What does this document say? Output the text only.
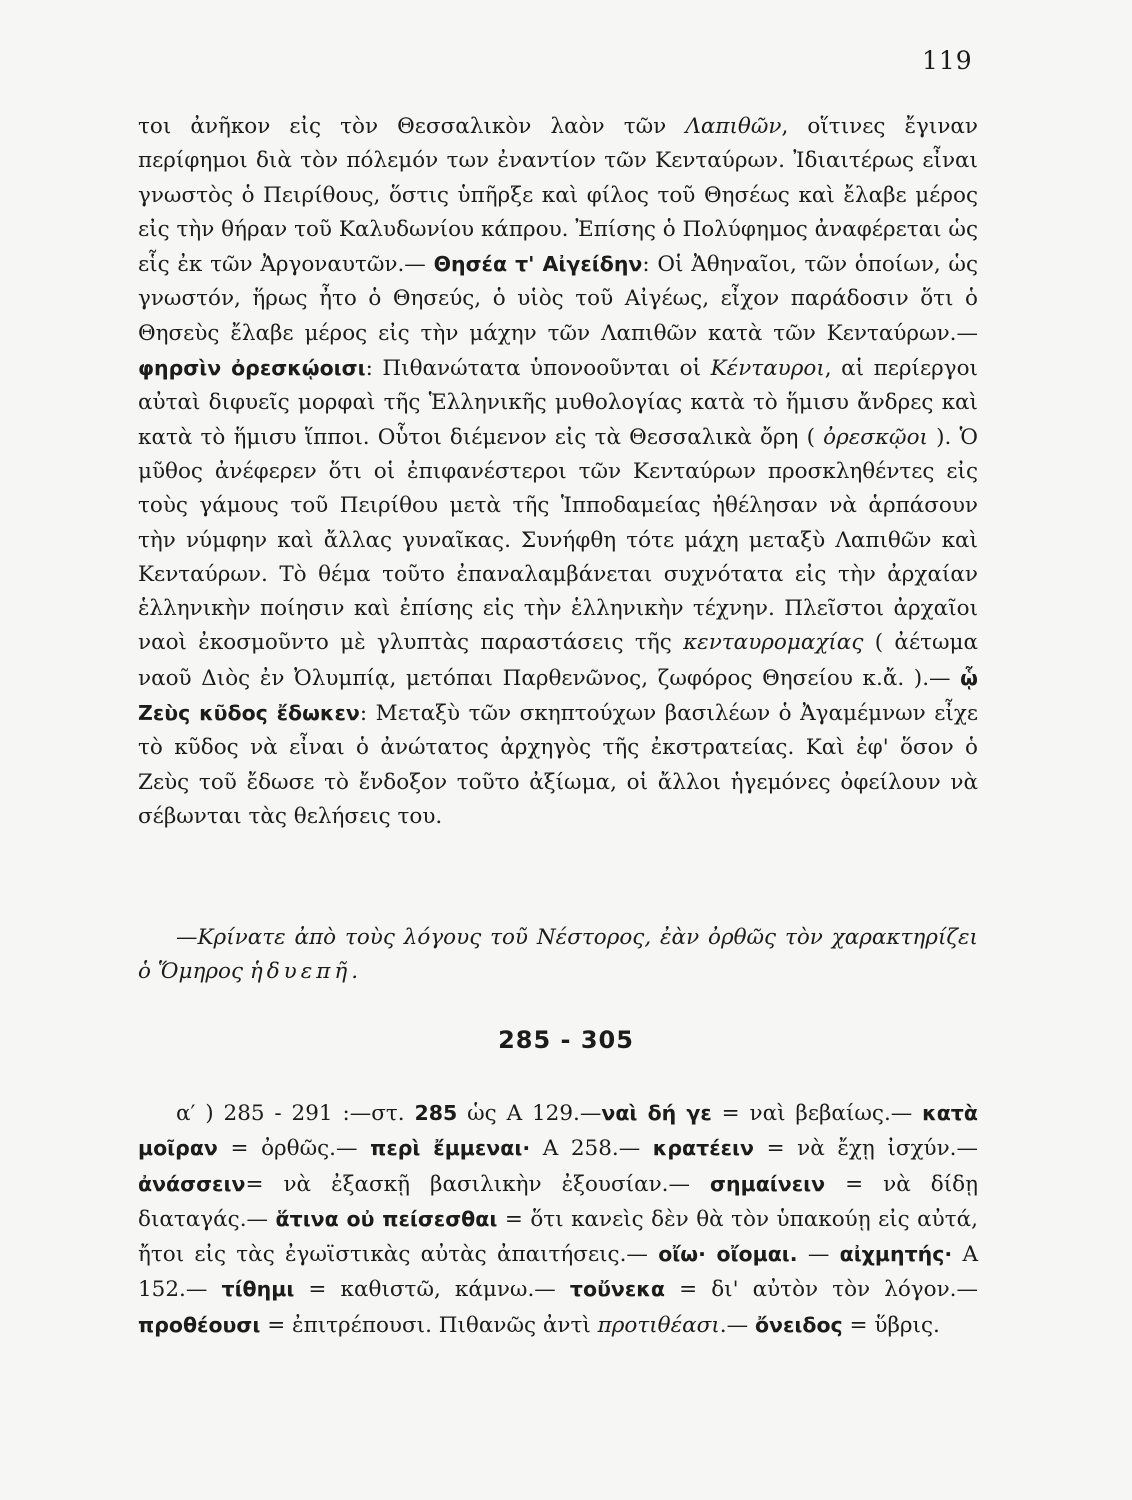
119

τοι ἀνῆκον εἰς τὸν Θεσσαλικὸν λαὸν τῶν Λαπιθῶν, οἵτινες ἔγιναν περίφημοι διὰ τὸν πόλεμόν των ἐναντίον τῶν Κενταύρων. Ἰδιαιτέρως εἶναι γνωστὸς ὁ Πειρίθους, ὅστις ὑπῆρξε καὶ φίλος τοῦ Θησέως καὶ ἔλαβε μέρος εἰς τὴν θήραν τοῦ Καλυδωνίου κάπρου. Ἐπίσης ὁ Πολύφημος ἀναφέρεται ὡς εἷς ἐκ τῶν Ἀργοναυτῶν.— Θησέα τ' Αἰγείδην: Οἱ Ἀθηναῖοι, τῶν ὁποίων, ὡς γνωστόν, ἥρως ἦτο ὁ Θησεύς, ὁ υἱὸς τοῦ Αἰγέως, εἶχον παράδοσιν ὅτι ὁ Θησεὺς ἔλαβε μέρος εἰς τὴν μάχην τῶν Λαπιθῶν κατὰ τῶν Κενταύρων.— φηρσὶν ὀρεσκῴοισι: Πιθανώτατα ὑπονοοῦνται οἱ Κένταυροι, αἱ περίεργοι αὐταὶ διφυεῖς μορφαὶ τῆς Ἑλληνικῆς μυθολογίας κατὰ τὸ ἥμισυ ἄνδρες καὶ κατὰ τὸ ἥμισυ ἵπποι. Οὗτοι διέμενον εἰς τὰ Θεσσαλικὰ ὄρη ( ὀρεσκῷοι ). Ὁ μῦθος ἀνέφερεν ὅτι οἱ ἐπιφανέστεροι τῶν Κενταύρων προσκληθέντες εἰς τοὺς γάμους τοῦ Πειρίθου μετὰ τῆς Ἱπποδαμείας ἠθέλησαν νὰ ἁρπάσουν τὴν νύμφην καὶ ἄλλας γυναῖκας. Συνήφθη τότε μάχη μεταξὺ Λαπιθῶν καὶ Κενταύρων. Τὸ θέμα τοῦτο ἐπαναλαμβάνεται συχνότατα εἰς τὴν ἀρχαίαν ἑλληνικὴν ποίησιν καὶ ἐπίσης εἰς τὴν ἑλληνικὴν τέχνην. Πλεῖστοι ἀρχαῖοι ναοὶ ἐκοσμοῦντο μὲ γλυπτὰς παραστάσεις τῆς κενταυρομαχίας ( ἀέτωμα ναοῦ Διὸς ἐν Ὀλυμπίᾳ, μετόπαι Παρθενῶνος, ζωφόρος Θησείου κ.ἄ. ).— ᾧ Ζεὺς κῦδος ἔδωκεν: Μεταξὺ τῶν σκηπτούχων βασιλέων ὁ Ἀγαμέμνων εἶχε τὸ κῦδος νὰ εἶναι ὁ ἀνώτατος ἀρχηγὸς τῆς ἐκστρατείας. Καὶ ἐφ' ὅσον ὁ Ζεὺς τοῦ ἔδωσε τὸ ἔνδοξον τοῦτο ἀξίωμα, οἱ ἄλλοι ἡγεμόνες ὀφείλουν νὰ σέβωνται τὰς θελήσεις του.

—Κρίνατε ἀπὸ τοὺς λόγους τοῦ Νέστορος, ἐὰν ὀρθῶς τὸν χαρακτηρίζει ὁ Ὅμηρος ἡδυεπῆ.

285 - 305

α′ ) 285 - 291 :—στ. 285 ὡς Α 129.—ναὶ δή γε = ναὶ βεβαίως.— κατὰ μοῖραν = ὀρθῶς.— περὶ ἔμμεναι· Α 258.— κρατέειν = νὰ ἔχῃ ἰσχύν.— ἀνάσσειν= νὰ ἐξασκῇ βασιλικὴν ἐξουσίαν.— σημαίνειν = νὰ δίδῃ διαταγάς.— ἅτινα οὐ πείσεσθαι = ὅτι κανεὶς δὲν θὰ τὸν ὑπακούῃ εἰς αὐτά, ἤτοι εἰς τὰς ἐγωϊστικὰς αὐτὰς ἀπαιτήσεις.— οἴω· οἴομαι. — αἰχμητής· Α 152.— τίθημι = καθιστῶ, κάμνω.— τοὔνεκα = δι' αὐτὸν τὸν λόγον.—προθέουσι = ἐπιτρέπουσι. Πιθανῶς ἀντὶ προτιθέασι.— ὄνειδος = ὕβρις.
